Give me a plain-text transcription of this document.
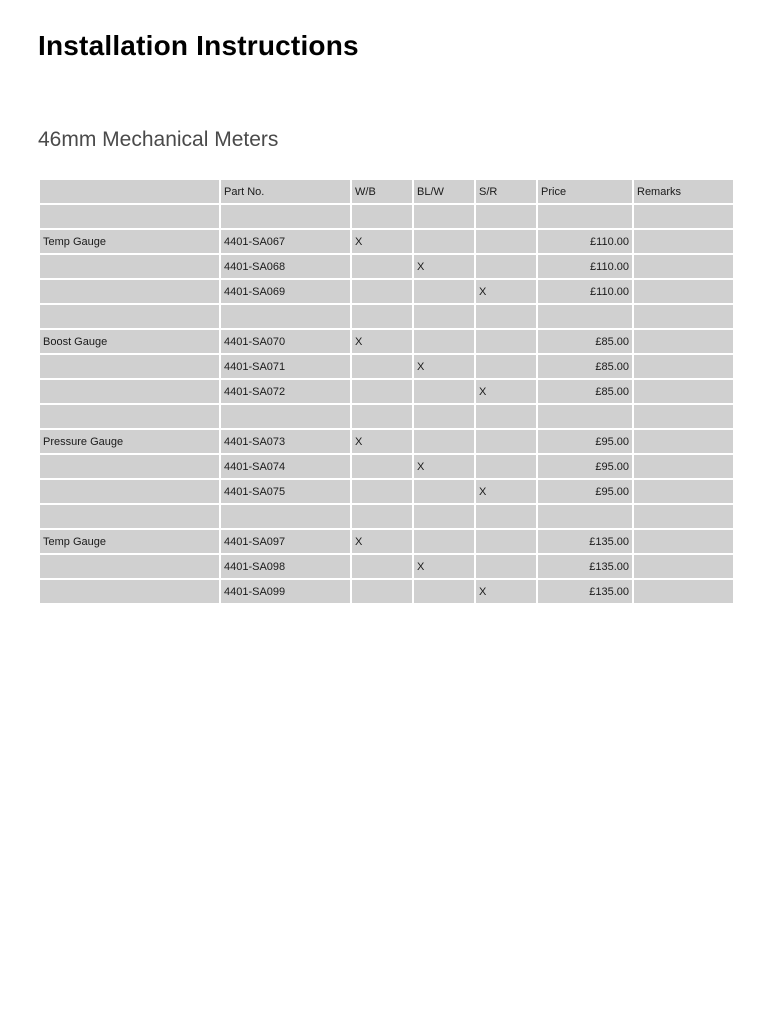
Installation Instructions
46mm Mechanical Meters
	Part No.	W/B	BL/W	S/R	Price	Remarks

Temp Gauge	4401-SA067	X			£110.00	
	4401-SA068		X		£110.00	
	4401-SA069			X	£110.00	

Boost Gauge	4401-SA070	X			£85.00	
	4401-SA071		X		£85.00	
	4401-SA072			X	£85.00	

Pressure Gauge	4401-SA073	X			£95.00	
	4401-SA074		X		£95.00	
	4401-SA075			X	£95.00	

Temp Gauge	4401-SA097	X			£135.00	
	4401-SA098		X		£135.00	
	4401-SA099			X	£135.00	
